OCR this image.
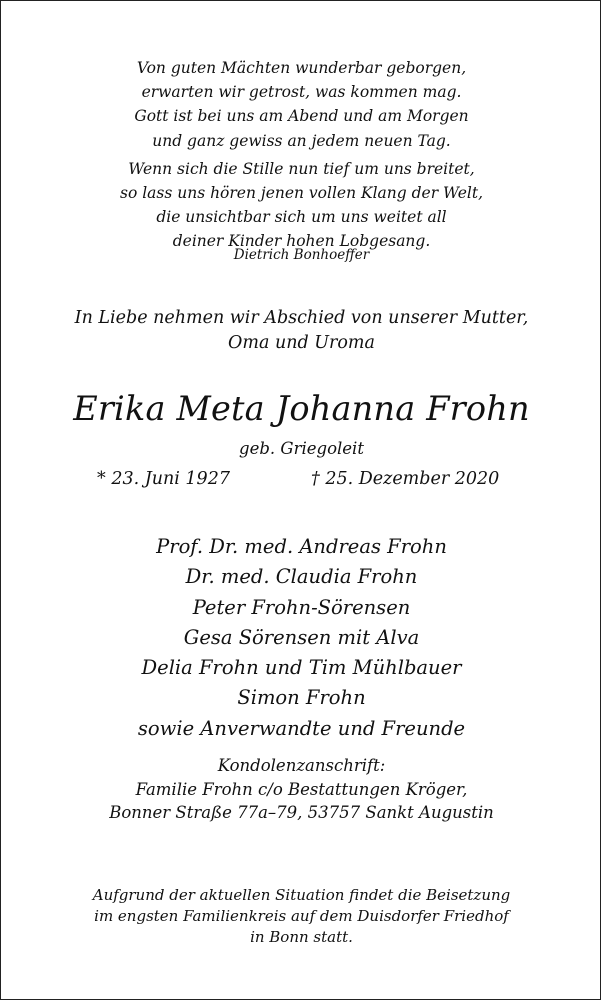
Von guten Mächten wunderbar geborgen,
erwarten wir getrost, was kommen mag.
Gott ist bei uns am Abend und am Morgen
und ganz gewiss an jedem neuen Tag.
Wenn sich die Stille nun tief um uns breitet,
so lass uns hören jenen vollen Klang der Welt,
die unsichtbar sich um uns weitet all
deiner Kinder hohen Lobgesang.
Dietrich Bonhoeffer
In Liebe nehmen wir Abschied von unserer Mutter,
Oma und Uroma
Erika Meta Johanna Frohn
geb. Griegoleit
* 23. Juni 1927	† 25. Dezember 2020
Prof. Dr. med. Andreas Frohn
Dr. med. Claudia Frohn
Peter Frohn-Sörensen
Gesa Sörensen mit Alva
Delia Frohn und Tim Mühlbauer
Simon Frohn
sowie Anverwandte und Freunde
Kondolenzanschrift:
Familie Frohn c/o Bestattungen Kröger,
Bonner Straße 77a–79, 53757 Sankt Augustin
Aufgrund der aktuellen Situation findet die Beisetzung
im engsten Familienkreis auf dem Duisdorfer Friedhof
in Bonn statt.
